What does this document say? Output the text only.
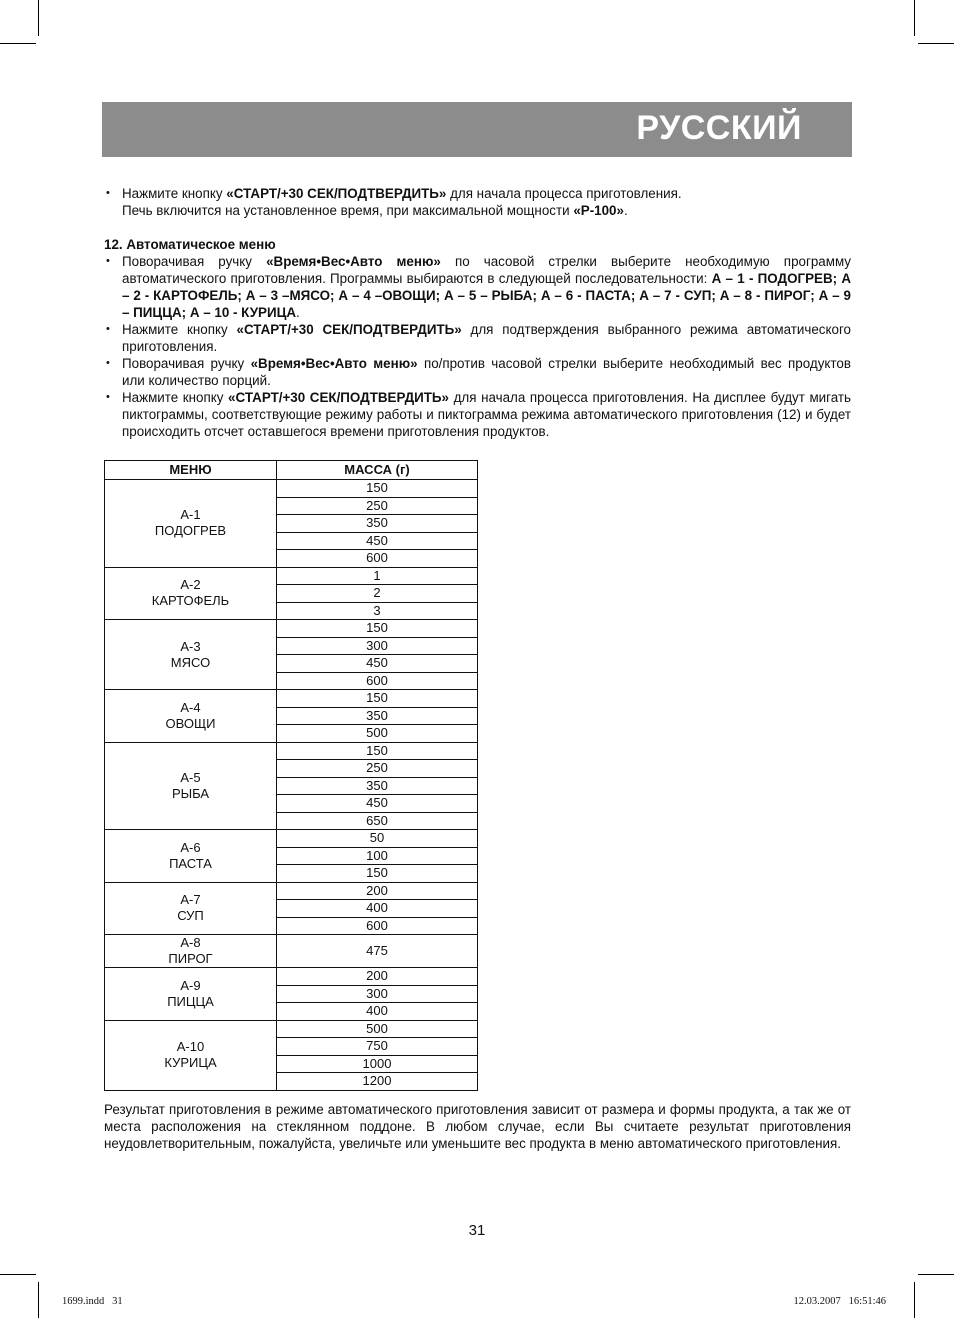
РУССКИЙ
• Нажмите кнопку «СТАРТ/+30 СЕК/ПОДТВЕРДИТЬ» для начала процесса приготовления.
Печь включится на установленное время, при максимальной мощности «Р-100».
12. Автоматическое меню
• Поворачивая ручку «Время•Вес•Авто меню» по часовой стрелки выберите необходимую программу автоматического приготовления. Программы выбираются в следующей последовательности: А – 1 - ПОДОГРЕВ; А – 2 - КАРТОФЕЛЬ; А – 3 –МЯСО; А – 4 –ОВОЩИ; А – 5 – РЫБА; А – 6 - ПАСТА; А – 7 - СУП; А – 8 - ПИРОГ; А – 9 – ПИЦЦА; А – 10 - КУРИЦА.
• Нажмите кнопку «СТАРТ/+30 СЕК/ПОДТВЕРДИТЬ» для подтверждения выбранного режима автоматического приготовления.
• Поворачивая ручку «Время•Вес•Авто меню» по/против часовой стрелки выберите необходимый вес продуктов или количество порций.
• Нажмите кнопку «СТАРТ/+30 СЕК/ПОДТВЕРДИТЬ» для начала процесса приготовления. На дисплее будут мигать пиктограммы, соответствующие режиму работы и пиктограмма режима автоматического приготовления (12) и будет происходить отсчет оставшегося времени приготовления продуктов.
МЕНЮ	МАССА (г)

А-1
ПОДОГРЕВ	150
	250
	350
	450
	600

А-2
КАРТОФЕЛЬ	1
	2
	3

А-3
МЯСО	150
	300
	450
	600

А-4
ОВОЩИ	150
	350
	500

А-5
РЫБА	150
	250
	350
	450
	650

А-6
ПАСТА	50
	100
	150

А-7
СУП	200
	400
	600

А-8
ПИРОГ	475

А-9
ПИЦЦА	200
	300
	400

А-10
КУРИЦА	500
	750
	1000
	1200
Результат приготовления в режиме автоматического приготовления зависит от размера и формы продукта, а так же от места расположения на стеклянном поддоне. В любом случае, если Вы считаете результат приготовления неудовлетворительным, пожалуйста, увеличьте или уменьшите вес продукта в меню автоматического приготовления.
31
1699.indd   31	12.03.2007   16:51:46
